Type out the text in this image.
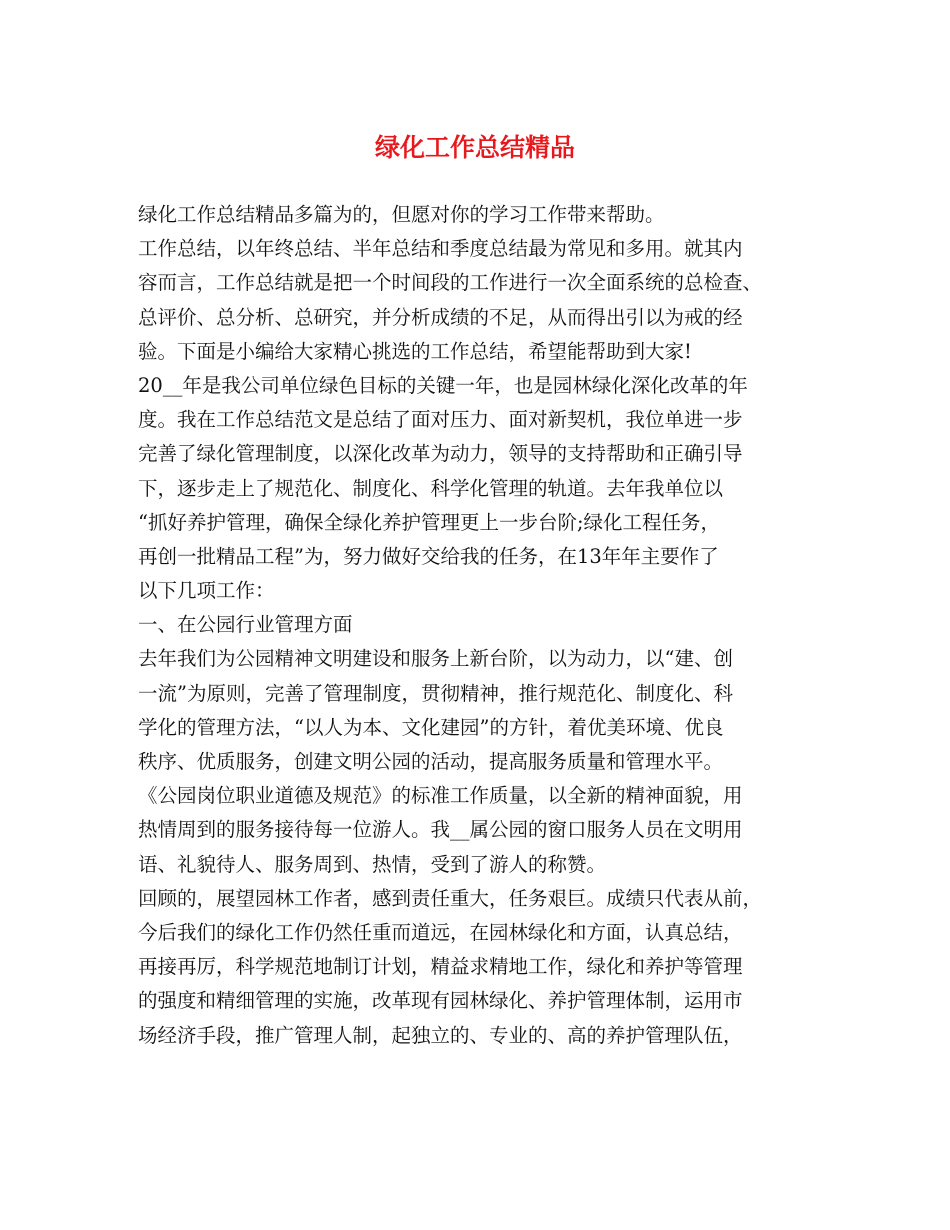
绿化工作总结精品
绿化工作总结精品多篇为的，但愿对你的学习工作带来帮助。
工作总结，以年终总结、半年总结和季度总结最为常见和多用。就其内
容而言，工作总结就是把一个时间段的工作进行一次全面系统的总检查、
总评价、总分析、总研究，并分析成绩的不足，从而得出引以为戒的经
验。下面是小编给大家精心挑选的工作总结，希望能帮助到大家!
20__年是我公司单位绿色目标的关键一年，也是园林绿化深化改革的年
度。我在工作总结范文是总结了面对压力、面对新契机，我位单进一步
完善了绿化管理制度，以深化改革为动力，领导的支持帮助和正确引导
下，逐步走上了规范化、制度化、科学化管理的轨道。去年我单位以
“抓好养护管理，确保全绿化养护管理更上一步台阶;绿化工程任务，
再创一批精品工程”为，努力做好交给我的任务，在13年年主要作了
以下几项工作：
一、在公园行业管理方面
去年我们为公园精神文明建设和服务上新台阶，以为动力，以“建、创
一流”为原则，完善了管理制度，贯彻精神，推行规范化、制度化、科
学化的管理方法，“以人为本、文化建园”的方针，着优美环境、优良
秩序、优质服务，创建文明公园的活动，提高服务质量和管理水平。
《公园岗位职业道德及规范》的标准工作质量，以全新的精神面貌，用
热情周到的服务接待每一位游人。我__属公园的窗口服务人员在文明用
语、礼貌待人、服务周到、热情，受到了游人的称赞。
回顾的，展望园林工作者，感到责任重大，任务艰巨。成绩只代表从前，
今后我们的绿化工作仍然任重而道远，在园林绿化和方面，认真总结，
再接再厉，科学规范地制订计划，精益求精地工作，绿化和养护等管理
的强度和精细管理的实施，改革现有园林绿化、养护管理体制，运用市
场经济手段，推广管理人制，起独立的、专业的、高的养护管理队伍，
